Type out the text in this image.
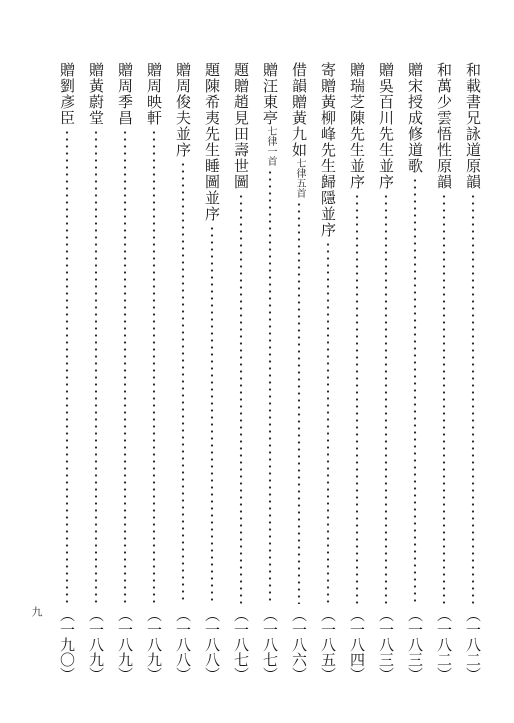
和載書兄詠道原韻
（一八二）
和萬少雲悟性原韻
（一八二）
贈宋授成修道歌
（一八三）
贈吳百川先生並序
（一八三）
贈瑞芝陳先生並序
（一八四）
寄贈黃柳峰先生歸隱並序
（一八五）
借韻贈黃九如
七律五首
（一八六）
贈汪東亭
七律一首
（一八七）
題贈趙見田壽世圖
（一八七）
題陳希夷先生睡圖並序
（一八八）
贈周俊夫並序
（一八八）
贈周映軒
（一八九）
贈周季昌
（一八九）
贈黃蔚堂
（一八九）
贈劉彥臣
（一九〇）
九
